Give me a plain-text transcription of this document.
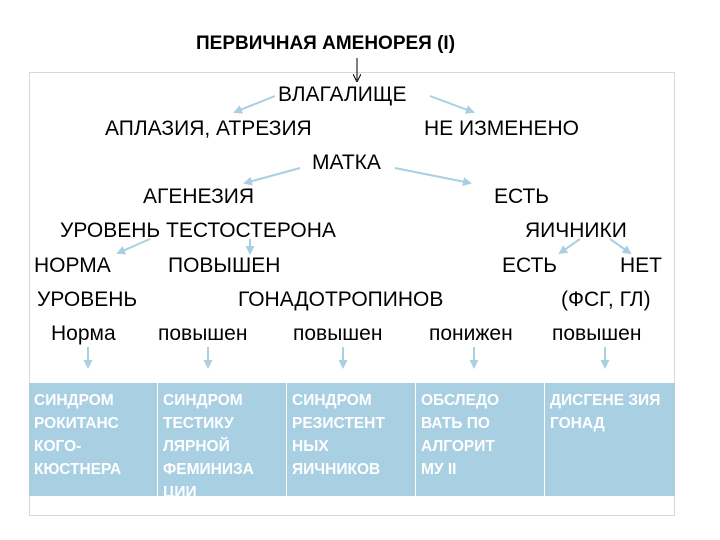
ПЕРВИЧНАЯ АМЕНОРЕЯ (I)
ВЛАГАЛИЩЕ
АПЛАЗИЯ, АТРЕЗИЯ	НЕ ИЗМЕНЕНО
МАТКА
АГЕНЕЗИЯ	ЕСТЬ
УРОВЕНЬ ТЕСТОСТЕРОНА	ЯИЧНИКИ
НОРМА	ПОВЫШЕН	ЕСТЬ	НЕТ
УРОВЕНЬ	ГОНАДОТРОПИНОВ	(ФСГ, ГЛ)
Норма повышен повышен понижен повышен
СИНДРОМ РОКИТАНС КОГО- КЮСТНЕРА
СИНДРОМ ТЕСТИКУ ЛЯРНОЙ ФЕМИНИЗА ЦИИ
СИНДРОМ РЕЗИСТЕНТ НЫХ ЯИЧНИКОВ
ОБСЛЕДО ВАТЬ ПО АЛГОРИТ МУ II
ДИСГЕНЕ ЗИЯ ГОНАД
